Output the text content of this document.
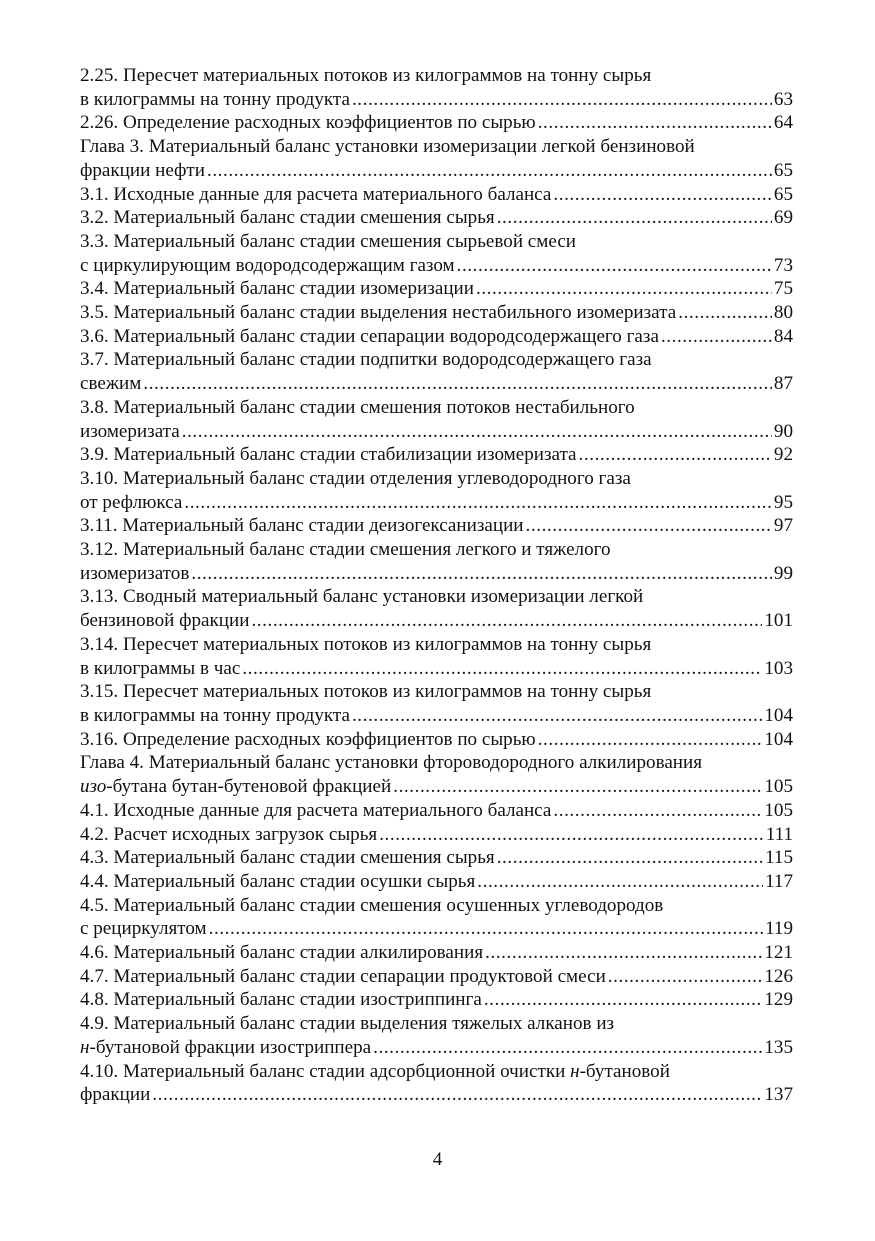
2.25. Пересчет материальных потоков из килограммов на тонну сырья
в килограммы на тонну продукта . . .	63
2.26. Определение расходных коэффициентов по сырью . . .	64
Глава 3. Материальный баланс установки изомеризации легкой бензиновой
фракции нефти . . .	65
3.1. Исходные данные для расчета материального баланса . . .	65
3.2. Материальный баланс стадии смешения сырья . . .	69
3.3. Материальный баланс стадии смешения сырьевой смеси
с циркулирующим водородсодержащим газом . . .	73
3.4. Материальный баланс стадии изомеризации . . .	75
3.5. Материальный баланс стадии выделения нестабильного изомеризата . . .	80
3.6. Материальный баланс стадии сепарации водородсодержащего газа . . .	84
3.7. Материальный баланс стадии подпитки водородсодержащего газа
свежим . . .	87
3.8. Материальный баланс стадии смешения потоков нестабильного
изомеризата . . .	90
3.9. Материальный баланс стадии стабилизации изомеризата . . .	92
3.10. Материальный баланс стадии отделения углеводородного газа
от рефлюкса . . .	95
3.11. Материальный баланс стадии деизогексанизации . . .	97
3.12. Материальный баланс стадии смешения легкого и тяжелого
изомеризатов . . .	99
3.13. Сводный материальный баланс установки изомеризации легкой
бензиновой фракции . . .	101
3.14. Пересчет материальных потоков из килограммов на тонну сырья
в килограммы в час . . .	103
3.15. Пересчет материальных потоков из килограммов на тонну сырья
в килограммы на тонну продукта . . .	104
3.16. Определение расходных коэффициентов по сырью . . .	104
Глава 4. Материальный баланс установки фтороводородного алкилирования
изо-бутана бутан-бутеновой фракцией . . .	105
4.1. Исходные данные для расчета материального баланса . . .	105
4.2. Расчет исходных загрузок сырья . . .	111
4.3. Материальный баланс стадии смешения сырья . . .	115
4.4. Материальный баланс стадии осушки сырья . . .	117
4.5. Материальный баланс стадии смешения осушенных углеводородов
с рециркулятом . . .	119
4.6. Материальный баланс стадии алкилирования . . .	121
4.7. Материальный баланс стадии сепарации продуктовой смеси . . .	126
4.8. Материальный баланс стадии изостриппинга . . .	129
4.9. Материальный баланс стадии выделения тяжелых алканов из
н-бутановой фракции изостриппера . . .	135
4.10. Материальный баланс стадии адсорбционной очистки н-бутановой
фракции . . .	137
4
